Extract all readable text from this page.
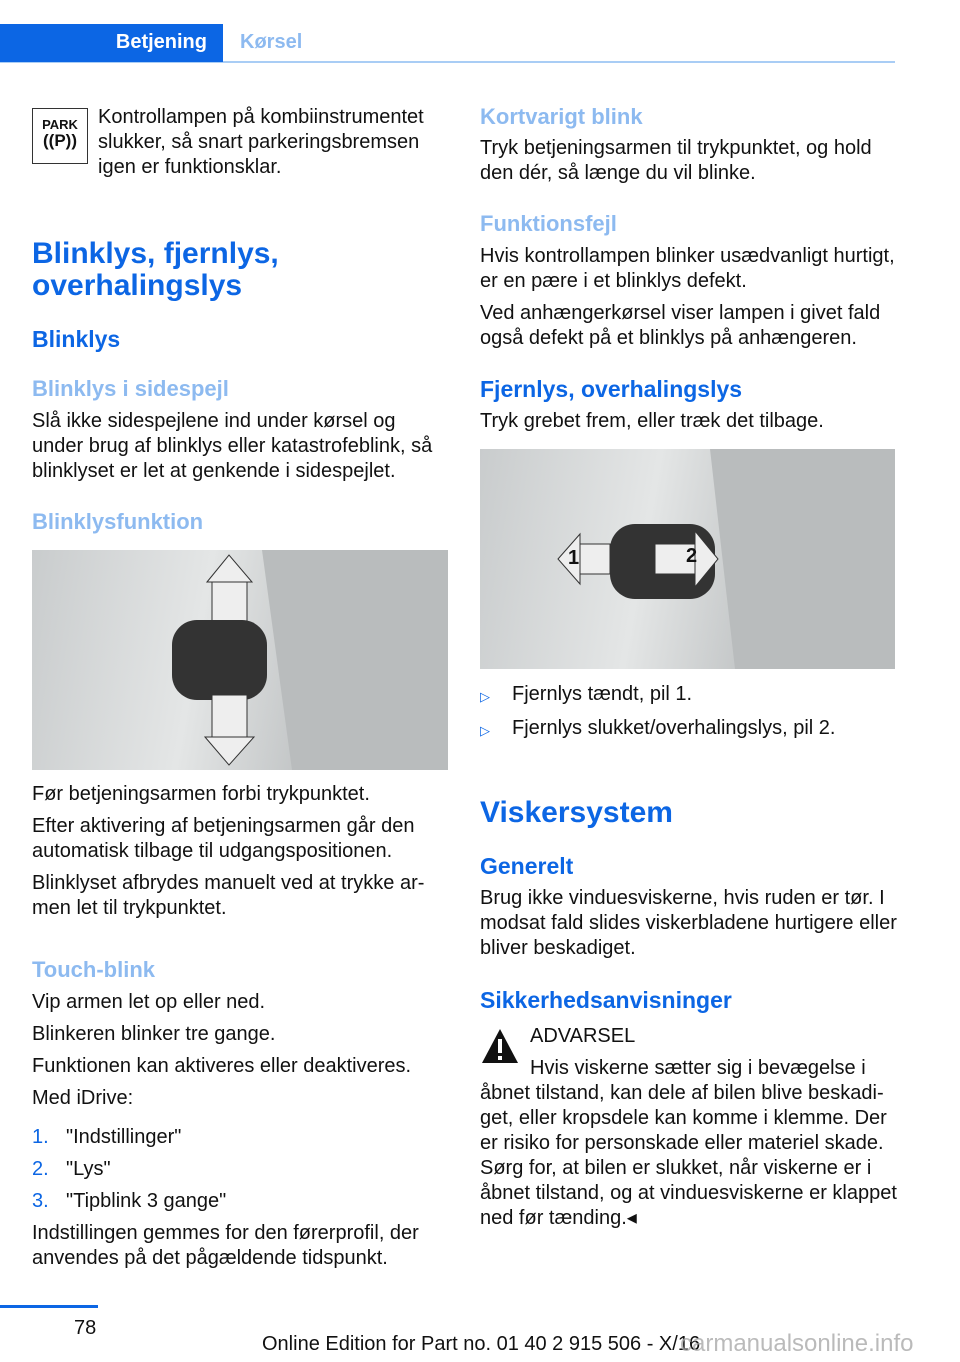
Betjening	Kørsel
PARK
((P))

Kontrollampen på kombiinstrumentet slukker, så snart parkeringsbremsen igen er funktionsklar.

Blinklys, fjernlys, overhalingslys
Blinklys
Blinklys i sidespejl

Slå ikke sidespejlene ind under kørsel og under brug af blinklys eller katastrofeblink, så blinklyset er let at genkende i sidespejlet.

Blinklysfunktion

Før betjeningsarmen forbi trykpunktet.

Efter aktivering af betjeningsarmen går den automatisk tilbage til udgangspositionen.

Blinklyset afbrydes manuelt ved at trykke armen let til trykpunktet.

Touch-blink

Vip armen let op eller ned.

Blinkeren blinker tre gange.

Funktionen kan aktiveres eller deaktiveres.

Med iDrive:

1. "Indstillinger"
2. "Lys"
3. "Tipblink 3 gange"

Indstillingen gemmes for den førerprofil, der anvendes på det pågældende tidspunkt.

Kortvarigt blink

Tryk betjeningsarmen til trykpunktet, og hold den dér, så længe du vil blinke.

Funktionsfejl

Hvis kontrollampen blinker usædvanligt hurtigt, er en pære i et blinklys defekt.

Ved anhængerkørsel viser lampen i givet fald også defekt på et blinklys på anhængeren.

Fjernlys, overhalingslys

Tryk grebet frem, eller træk det tilbage.

1	2
▷	Fjernlys tændt, pil 1.
▷	Fjernlys slukket/overhalingslys, pil 2.
Viskersystem
Generelt

Brug ikke vinduesviskerne, hvis ruden er tør. I modsat fald slides viskerbladene hurtigere eller bliver beskadiget.

Sikkerhedsanvisninger

ADVARSEL

Hvis viskerne sætter sig i bevægelse i

åbnet tilstand, kan dele af bilen blive beskadiget, eller kropsdele kan komme i klemme. Der er risiko for personskade eller materiel skade. Sørg for, at bilen er slukket, når viskerne er i åbnet tilstand, og at vinduesviskerne er klappet ned før tænding.◂

78
Online Edition for Part no. 01 40 2 915 506 - X/16
carmanualsonline.info
